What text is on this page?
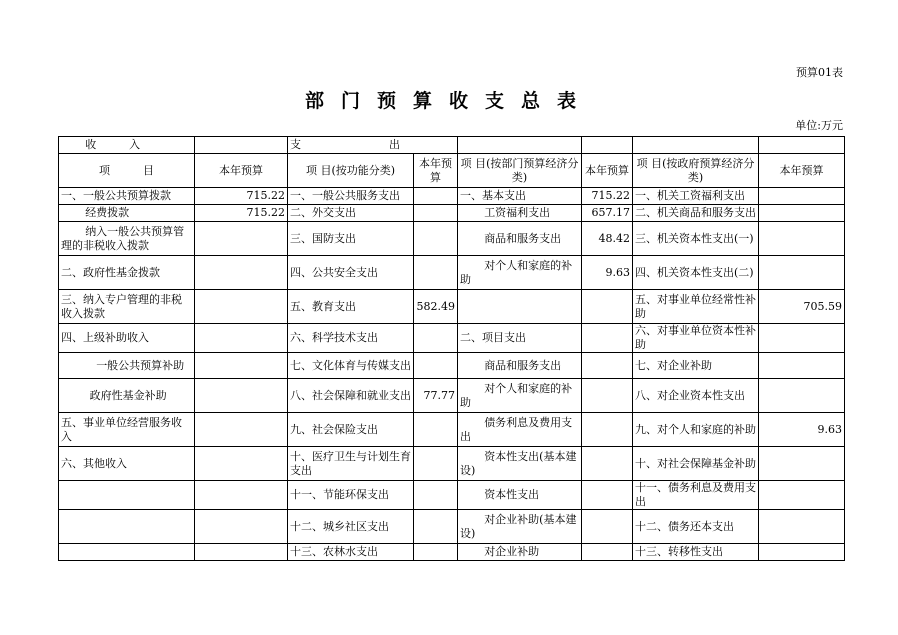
预算01表
部门预算收支总表
单位:万元
收　　　入		支　　　　　　　　出					
项　　　目	本年预算	项 目(按功能分类)	本年预算	项 目(按部门预算经济分类)	本年预算	项 目(按政府预算经济分类)	本年预算
一、一般公共预算拨款	715.22	一、一般公共服务支出		一、基本支出	715.22	一、机关工资福利支出	
经费拨款	715.22	二、外交支出		工资福利支出	657.17	二、机关商品和服务支出	
纳入一般公共预算管理的非税收入拨款		三、国防支出		商品和服务支出	48.42	三、机关资本性支出(一)	
二、政府性基金拨款		四、公共安全支出		对个人和家庭的补助	9.63	四、机关资本性支出(二)	
三、纳入专户管理的非税收入拨款		五、教育支出	582.49			五、对事业单位经常性补助	705.59
四、上级补助收入		六、科学技术支出		二、项目支出		六、对事业单位资本性补助	
一般公共预算补助		七、文化体育与传媒支出		商品和服务支出		七、对企业补助	
政府性基金补助		八、社会保障和就业支出	77.77	对个人和家庭的补助		八、对企业资本性支出	
五、事业单位经营服务收入		九、社会保险支出		债务利息及费用支出		九、对个人和家庭的补助	9.63
六、其他收入		十、医疗卫生与计划生育支出		资本性支出(基本建设)		十、对社会保障基金补助	
		十一、节能环保支出		资本性支出		十一、债务利息及费用支出	
		十二、城乡社区支出		对企业补助(基本建设)		十二、债务还本支出	
		十三、农林水支出		对企业补助		十三、转移性支出	
